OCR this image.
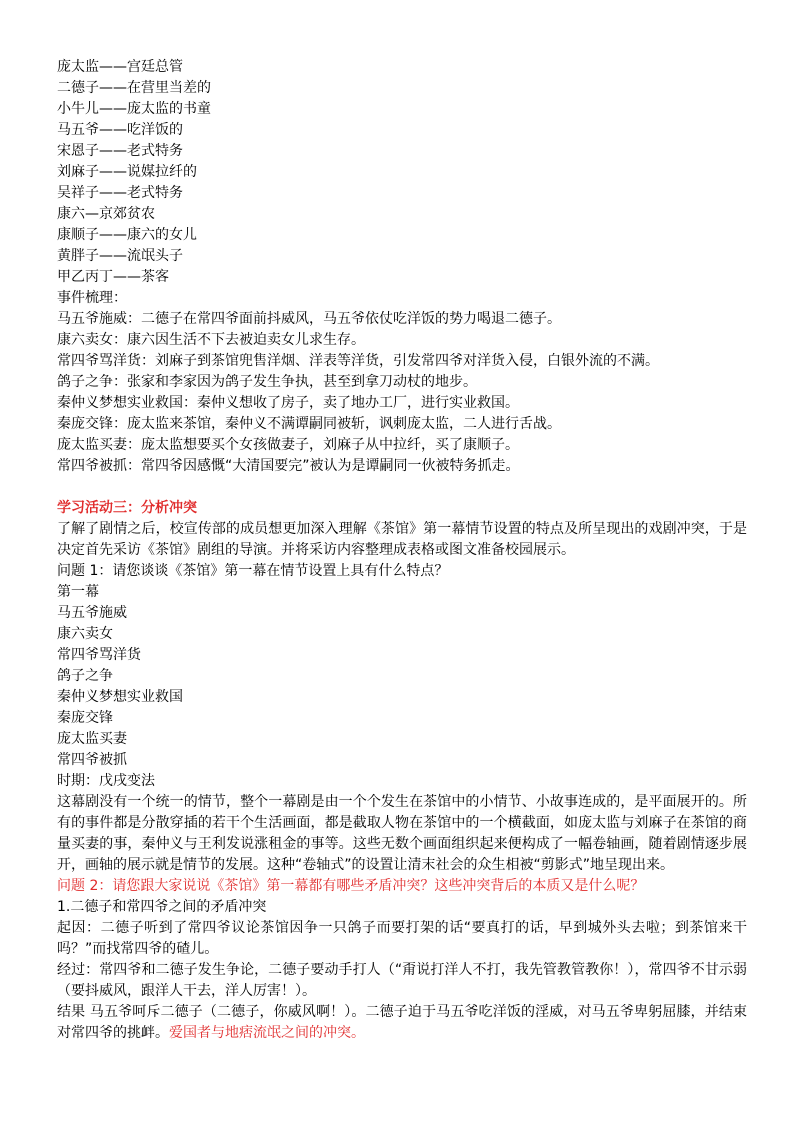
庞太监——宫廷总管

二德子——在营里当差的

小牛儿——庞太监的书童

马五爷——吃洋饭的

宋恩子——老式特务

刘麻子——说媒拉纤的

吴祥子——老式特务

康六—京郊贫农

康顺子——康六的女儿

黄胖子——流氓头子

甲乙丙丁——茶客

事件梳理：

马五爷施威：二德子在常四爷面前抖威风，马五爷依仗吃洋饭的势力喝退二德子。

康六卖女：康六因生活不下去被迫卖女儿求生存。

常四爷骂洋货：刘麻子到茶馆兜售洋烟、洋表等洋货，引发常四爷对洋货入侵，白银外流的不满。

鸽子之争：张家和李家因为鸽子发生争执，甚至到拿刀动杖的地步。

秦仲义梦想实业救国：秦仲义想收了房子，卖了地办工厂，进行实业救国。

秦庞交锋：庞太监来茶馆，秦仲义不满谭嗣同被斩，讽刺庞太监，二人进行舌战。

庞太监买妻：庞太监想要买个女孩做妻子，刘麻子从中拉纤，买了康顺子。

常四爷被抓：常四爷因感慨“大清国要完”被认为是谭嗣同一伙被特务抓走。

学习活动三：分析冲突

了解了剧情之后，校宣传部的成员想更加深入理解《茶馆》第一幕情节设置的特点及所呈现出的戏剧冲突，于是决定首先采访《茶馆》剧组的导演。并将采访内容整理成表格或图文准备校园展示。

问题 1：请您谈谈《茶馆》第一幕在情节设置上具有什么特点？

第一幕

马五爷施威

康六卖女

常四爷骂洋货

鸽子之争

秦仲义梦想实业救国

秦庞交锋

庞太监买妻

常四爷被抓

时期：戊戌变法

这幕剧没有一个统一的情节，整个一幕剧是由一个个发生在茶馆中的小情节、小故事连成的，是平面展开的。所有的事件都是分散穿插的若干个生活画面，都是截取人物在茶馆中的一个横截面，如庞太监与刘麻子在茶馆的商量买妻的事，秦仲义与王利发说涨租金的事等。这些无数个画面组织起来便构成了一幅卷轴画，随着剧情逐步展开，画轴的展示就是情节的发展。这种“卷轴式”的设置让清末社会的众生相被“剪影式”地呈现出来。

问题 2：请您跟大家说说《茶馆》第一幕都有哪些矛盾冲突？这些冲突背后的本质又是什么呢？

1.二德子和常四爷之间的矛盾冲突

起因：二德子听到了常四爷议论茶馆因争一只鸽子而要打架的话“要真打的话，早到城外头去啦；到茶馆来干吗？”而找常四爷的碴儿。

经过：常四爷和二德子发生争论，二德子要动手打人（“甭说打洋人不打，我先管教管教你！），常四爷不甘示弱（要抖威风，跟洋人干去，洋人厉害！）。

结果 马五爷呵斥二德子（二德子，你威风啊！）。二德子迫于马五爷吃洋饭的淫威，对马五爷卑躬屈膝，并结束对常四爷的挑衅。爱国者与地痞流氓之间的冲突。
